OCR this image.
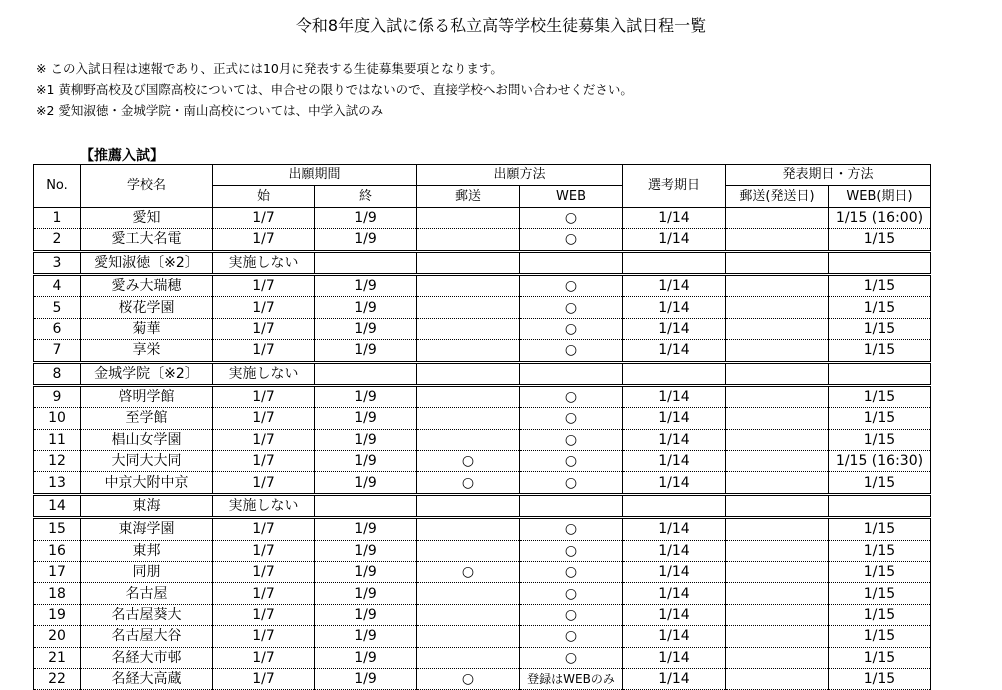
令和8年度入試に係る私立高等学校生徒募集入試日程一覧
※ この入試日程は速報であり、正式には10月に発表する生徒募集要項となります。
※1 黄柳野高校及び国際高校については、申合せの限りではないので、直接学校へお問い合わせください。
※2 愛知淑徳・金城学院・南山高校については、中学入試のみ
【推薦入試】
No.	学校名	出願期間		出願方法		選考期日	発表期日・方法	
		始	終	郵送	WEB		郵送(発送日)	WEB(期日)
1	愛知	1/7	1/9		○	1/14		1/15 (16:00)
2	愛工大名電	1/7	1/9		○	1/14		1/15
3	愛知淑徳〔※2〕	実施しない						
4	愛み大瑞穂	1/7	1/9		○	1/14		1/15
5	桜花学園	1/7	1/9		○	1/14		1/15
6	菊華	1/7	1/9		○	1/14		1/15
7	享栄	1/7	1/9		○	1/14		1/15
8	金城学院〔※2〕	実施しない						
9	啓明学館	1/7	1/9		○	1/14		1/15
10	至学館	1/7	1/9		○	1/14		1/15
11	椙山女学園	1/7	1/9		○	1/14		1/15
12	大同大大同	1/7	1/9	○	○	1/14		1/15 (16:30)
13	中京大附中京	1/7	1/9	○	○	1/14		1/15
14	東海	実施しない						
15	東海学園	1/7	1/9		○	1/14		1/15
16	東邦	1/7	1/9		○	1/14		1/15
17	同朋	1/7	1/9	○	○	1/14		1/15
18	名古屋	1/7	1/9		○	1/14		1/15
19	名古屋葵大	1/7	1/9		○	1/14		1/15
20	名古屋大谷	1/7	1/9		○	1/14		1/15
21	名経大市邨	1/7	1/9		○	1/14		1/15
22	名経大高蔵	1/7	1/9	○	登録はWEBのみ	1/14		1/15
